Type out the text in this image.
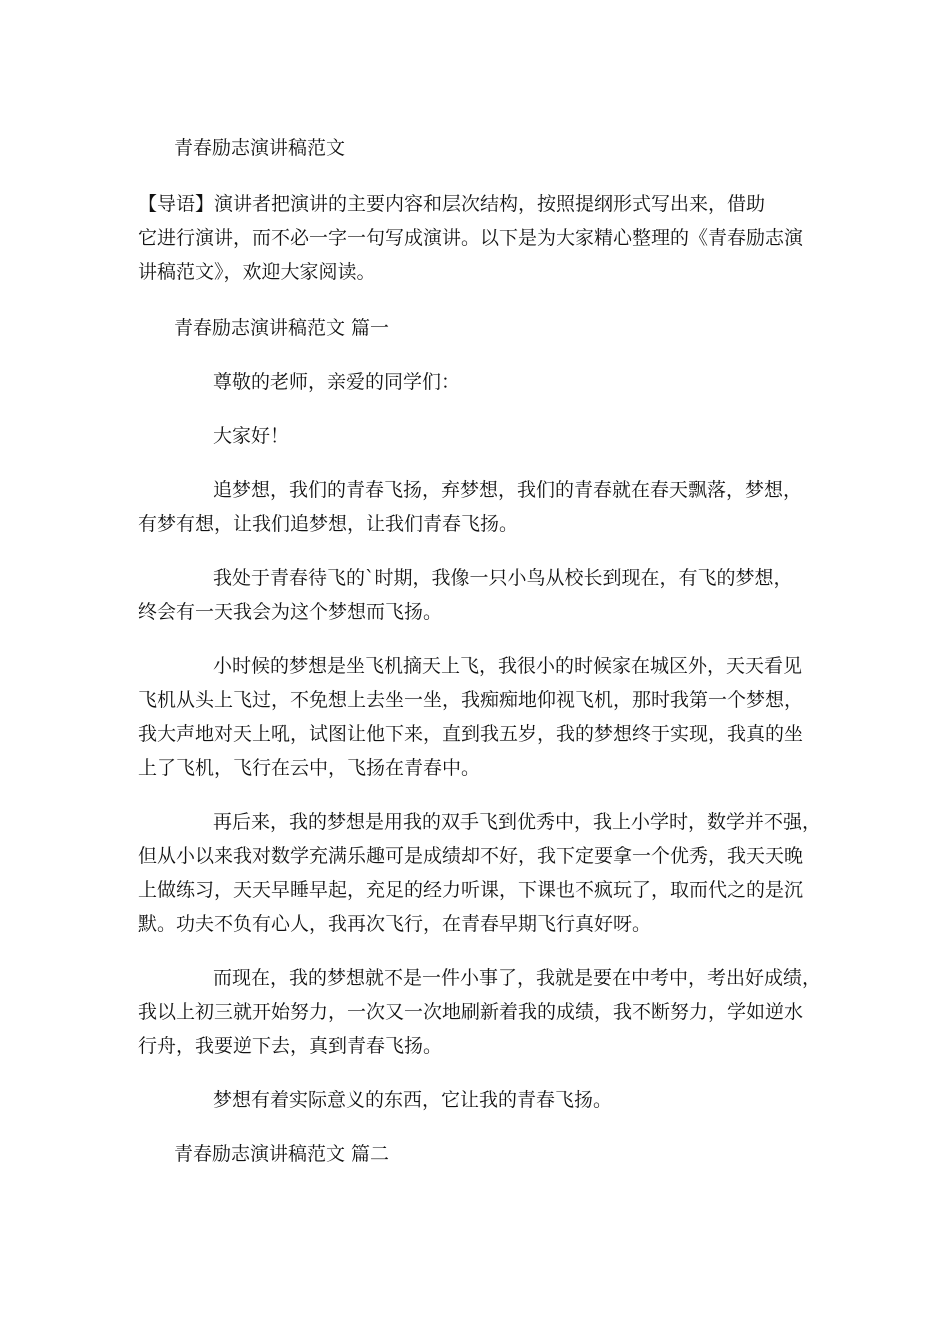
青春励志演讲稿范文
【导语】演讲者把演讲的主要内容和层次结构，按照提纲形式写出来，借助
它进行演讲，而不必一字一句写成演讲。以下是为大家精心整理的《青春励志演
讲稿范文》，欢迎大家阅读。
青春励志演讲稿范文 篇一
尊敬的老师，亲爱的同学们：
大家好！
追梦想，我们的青春飞扬，弃梦想，我们的青春就在春天飘落，梦想，
有梦有想，让我们追梦想，让我们青春飞扬。
我处于青春待飞的`时期，我像一只小鸟从校长到现在，有飞的梦想，
终会有一天我会为这个梦想而飞扬。
小时候的梦想是坐飞机摘天上飞，我很小的时候家在城区外，天天看见
飞机从头上飞过，不免想上去坐一坐，我痴痴地仰视飞机，那时我第一个梦想，
我大声地对天上吼，试图让他下来，直到我五岁，我的梦想终于实现，我真的坐
上了飞机，飞行在云中，飞扬在青春中。
再后来，我的梦想是用我的双手飞到优秀中，我上小学时，数学并不强，
但从小以来我对数学充满乐趣可是成绩却不好，我下定要拿一个优秀，我天天晚
上做练习，天天早睡早起，充足的经力听课，下课也不疯玩了，取而代之的是沉
默。功夫不负有心人，我再次飞行，在青春早期飞行真好呀。
而现在，我的梦想就不是一件小事了，我就是要在中考中，考出好成绩，
我以上初三就开始努力，一次又一次地刷新着我的成绩，我不断努力，学如逆水
行舟，我要逆下去，真到青春飞扬。
梦想有着实际意义的东西，它让我的青春飞扬。
青春励志演讲稿范文 篇二
